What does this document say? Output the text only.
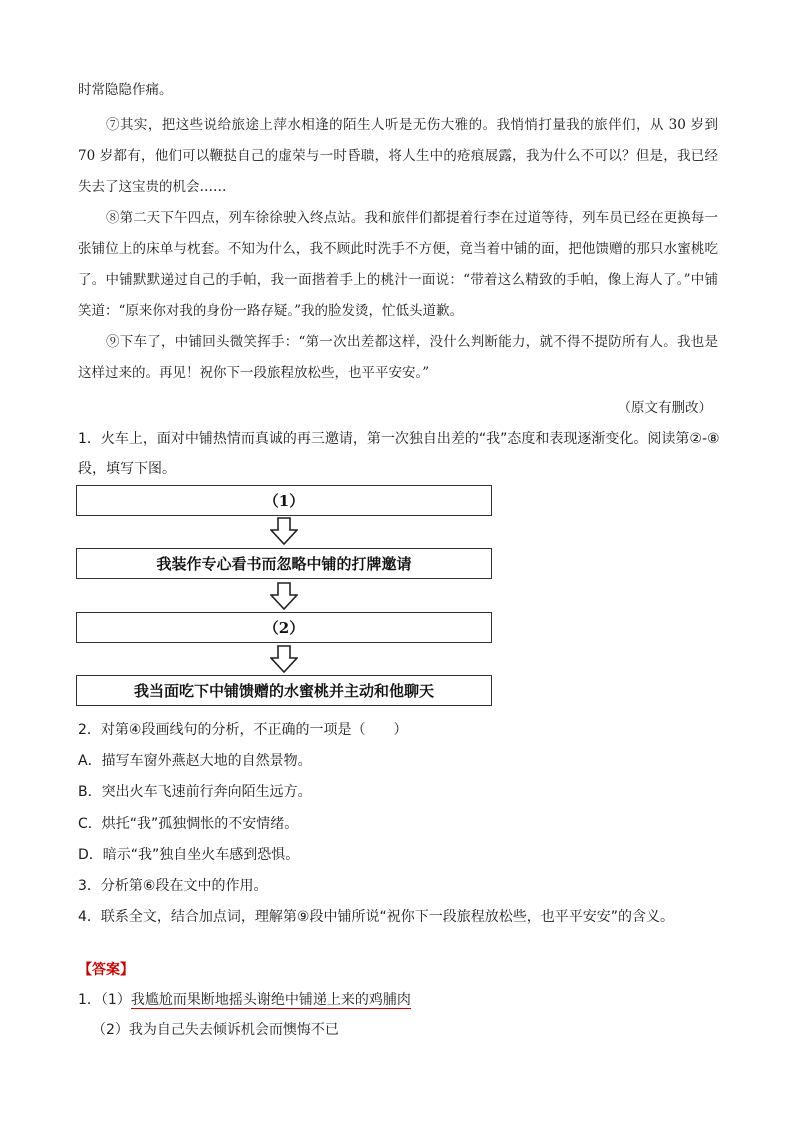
时常隐隐作痛。
⑦其实，把这些说给旅途上萍水相逢的陌生人听是无伤大雅的。我悄悄打量我的旅伴们，从 30 岁到 70 岁都有，他们可以鞭挞自己的虚荣与一时昏聩，将人生中的疮痕展露，我为什么不可以？但是，我已经失去了这宝贵的机会……
⑧第二天下午四点，列车徐徐驶入终点站。我和旅伴们都提着行李在过道等待，列车员已经在更换每一张铺位上的床单与枕套。不知为什么，我不顾此时洗手不方便，竟当着中铺的面，把他馈赠的那只水蜜桃吃了。中铺默默递过自己的手帕，我一面揩着手上的桃汁一面说：“带着这么精致的手帕，像上海人了。”中铺笑道：“原来你对我的身份一路存疑。”我的脸发烫，忙低头道歉。
⑨下车了，中铺回头微笑挥手：“第一次出差都这样，没什么判断能力，就不得不提防所有人。我也是这样过来的。再见！祝你下一段旅程放松些，也平平安安。”
（原文有删改）
1．火车上，面对中铺热情而真诚的再三邀请，第一次独自出差的“我”态度和表现逐渐变化。阅读第②-⑧
段，填写下图。
（1）
我装作专心看书而忽略中铺的打牌邀请
（2）
我当面吃下中铺馈赠的水蜜桃并主动和他聊天
2．对第④段画线句的分析，不正确的一项是（　　）
A．描写车窗外燕赵大地的自然景物。
B．突出火车飞速前行奔向陌生远方。
C．烘托“我”孤独惆怅的不安情绪。
D．暗示“我”独自坐火车感到恐惧。
3．分析第⑥段在文中的作用。
4．联系全文，结合加点词，理解第⑨段中铺所说“祝你下一段旅程放松些，也平平安安”的含义。
【答案】
1．（1）我尴尬而果断地摇头谢绝中铺递上来的鸡脯肉
（2）我为自己失去倾诉机会而懊悔不已
